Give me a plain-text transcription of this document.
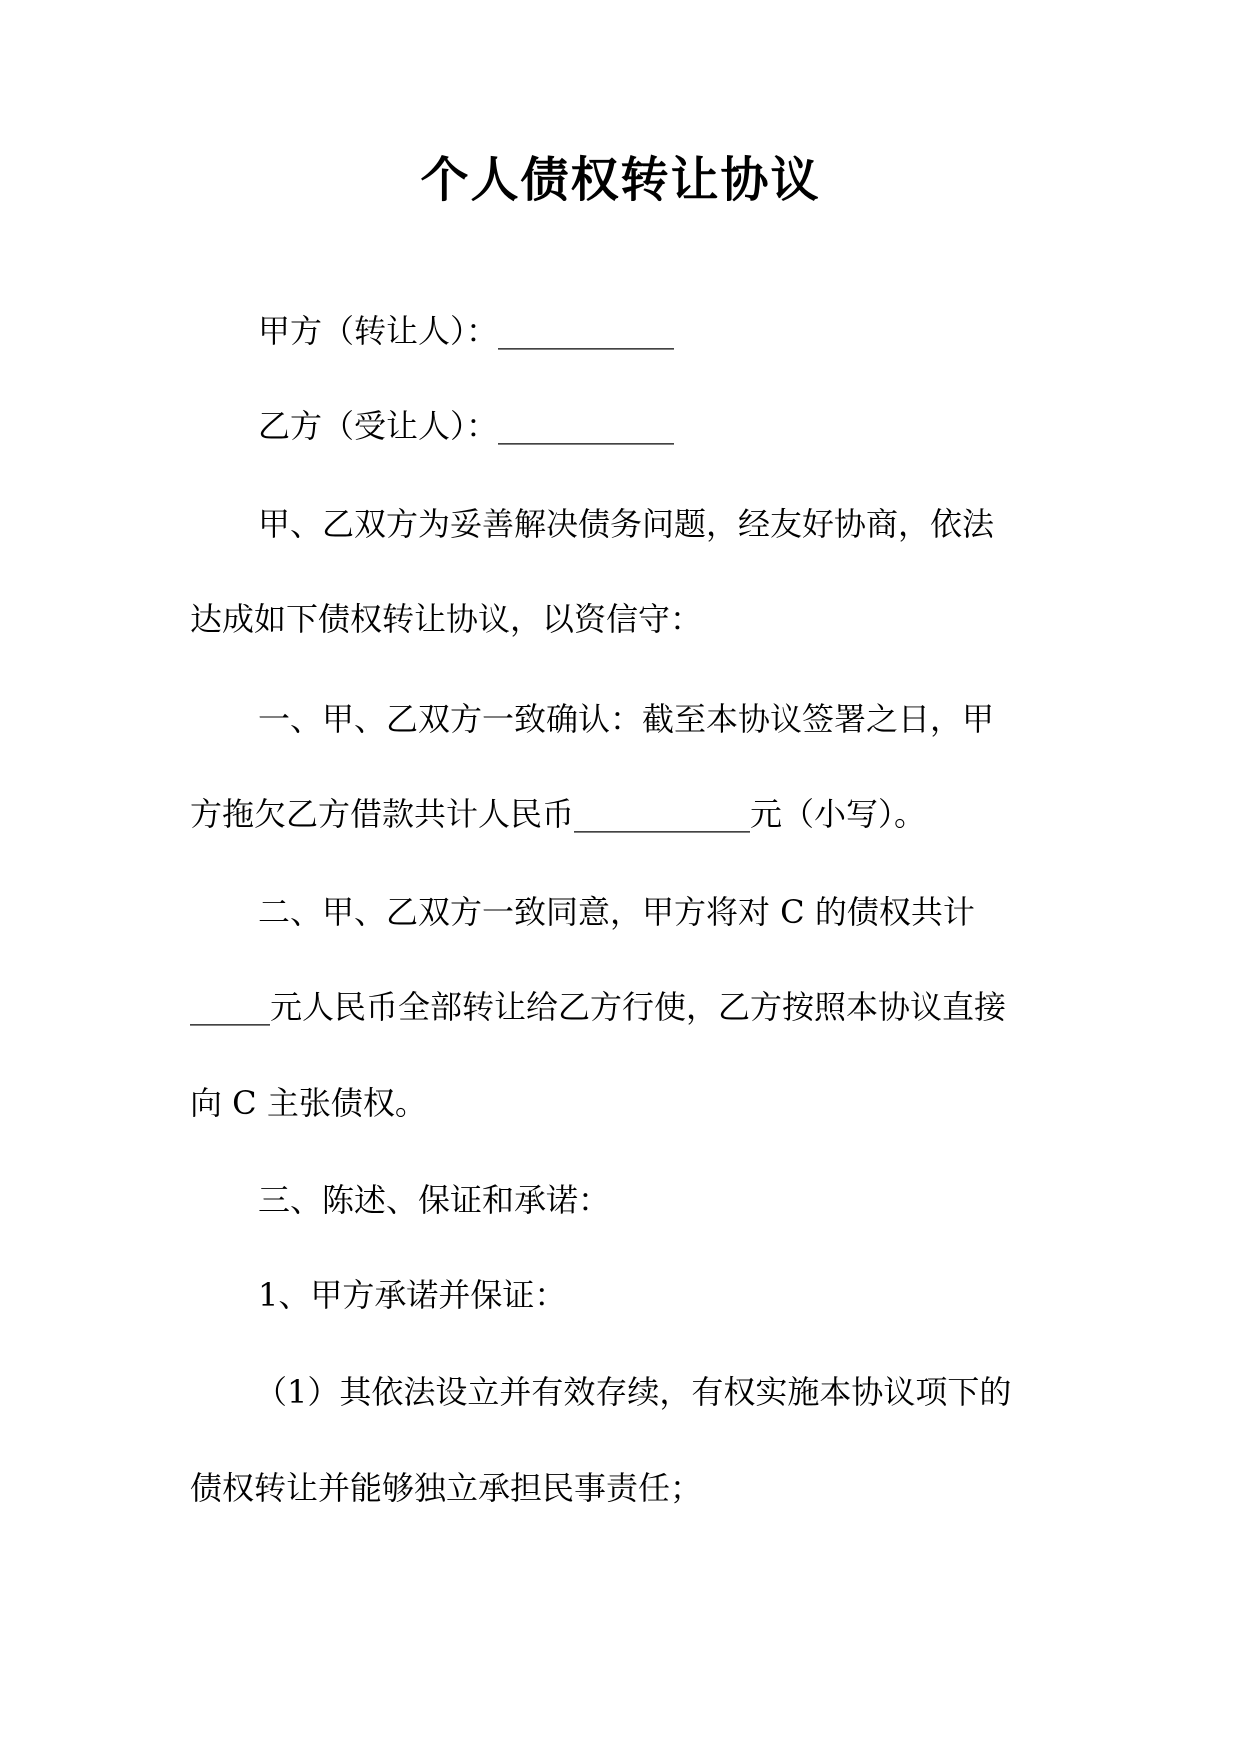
个人债权转让协议
甲方（转让人）：___________
乙方（受让人）：___________
甲、乙双方为妥善解决债务问题，经友好协商，依法
达成如下债权转让协议，以资信守：
一、甲、乙双方一致确认：截至本协议签署之日，甲
方拖欠乙方借款共计人民币___________元（小写）。
二、甲、乙双方一致同意，甲方将对 C 的债权共计
_____元人民币全部转让给乙方行使，乙方按照本协议直接
向 C 主张债权。
三、陈述、保证和承诺：
1、甲方承诺并保证：
（1）其依法设立并有效存续，有权实施本协议项下的
债权转让并能够独立承担民事责任；
